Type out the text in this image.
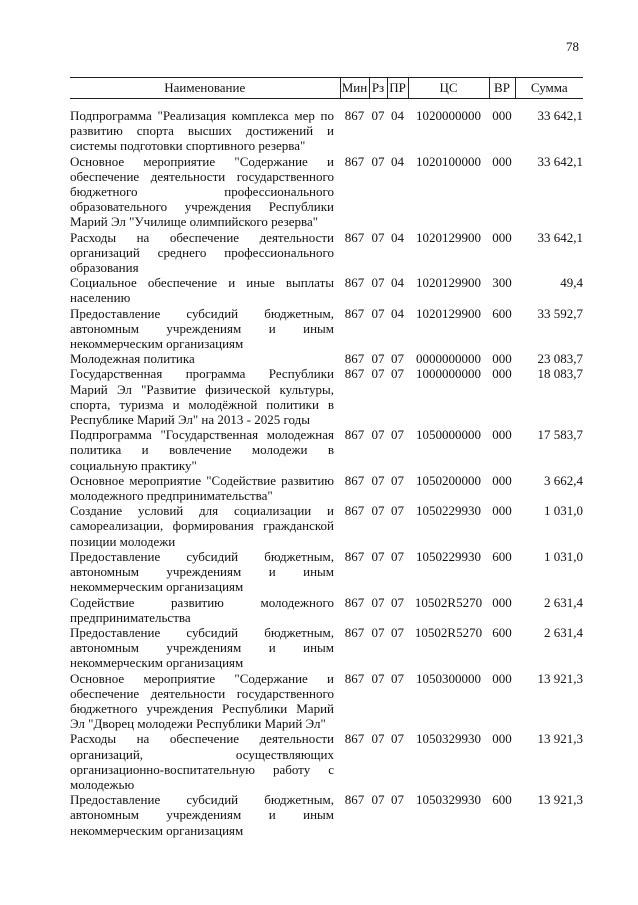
78
Наименование	Мин	Рз	ПР	ЦС	ВР	Сумма
Подпрограмма "Реализация комплекса мер по развитию спорта высших достижений и системы подготовки спортивного резерва"	867	07	04	1020000000	000	33 642,1
Основное мероприятие "Содержание и обеспечение деятельности государственного бюджетного профессионального образовательного учреждения Республики Марий Эл "Училище олимпийского резерва"	867	07	04	1020100000	000	33 642,1
Расходы на обеспечение деятельности организаций среднего профессионального образования	867	07	04	1020129900	000	33 642,1
Социальное обеспечение и иные выплаты населению	867	07	04	1020129900	300	49,4
Предоставление субсидий бюджетным, автономным учреждениям и иным некоммерческим организациям	867	07	04	1020129900	600	33 592,7
Молодежная политика	867	07	07	0000000000	000	23 083,7
Государственная программа Республики Марий Эл "Развитие физической культуры, спорта, туризма и молодёжной политики в Республике Марий Эл" на 2013 - 2025 годы	867	07	07	1000000000	000	18 083,7
Подпрограмма "Государственная молодежная политика и вовлечение молодежи в социальную практику"	867	07	07	1050000000	000	17 583,7
Основное мероприятие "Содействие развитию молодежного предпринимательства"	867	07	07	1050200000	000	3 662,4
Создание условий для социализации и самореализации, формирования гражданской позиции молодежи	867	07	07	1050229930	000	1 031,0
Предоставление субсидий бюджетным, автономным учреждениям и иным некоммерческим организациям	867	07	07	1050229930	600	1 031,0
Содействие развитию молодежного предпринимательства	867	07	07	10502R5270	000	2 631,4
Предоставление субсидий бюджетным, автономным учреждениям и иным некоммерческим организациям	867	07	07	10502R5270	600	2 631,4
Основное мероприятие "Содержание и обеспечение деятельности государственного бюджетного учреждения Республики Марий Эл "Дворец молодежи Республики Марий Эл"	867	07	07	1050300000	000	13 921,3
Расходы на обеспечение деятельности организаций, осуществляющих организационно-воспитательную работу с молодежью	867	07	07	1050329930	000	13 921,3
Предоставление субсидий бюджетным, автономным учреждениям и иным некоммерческим организациям	867	07	07	1050329930	600	13 921,3
